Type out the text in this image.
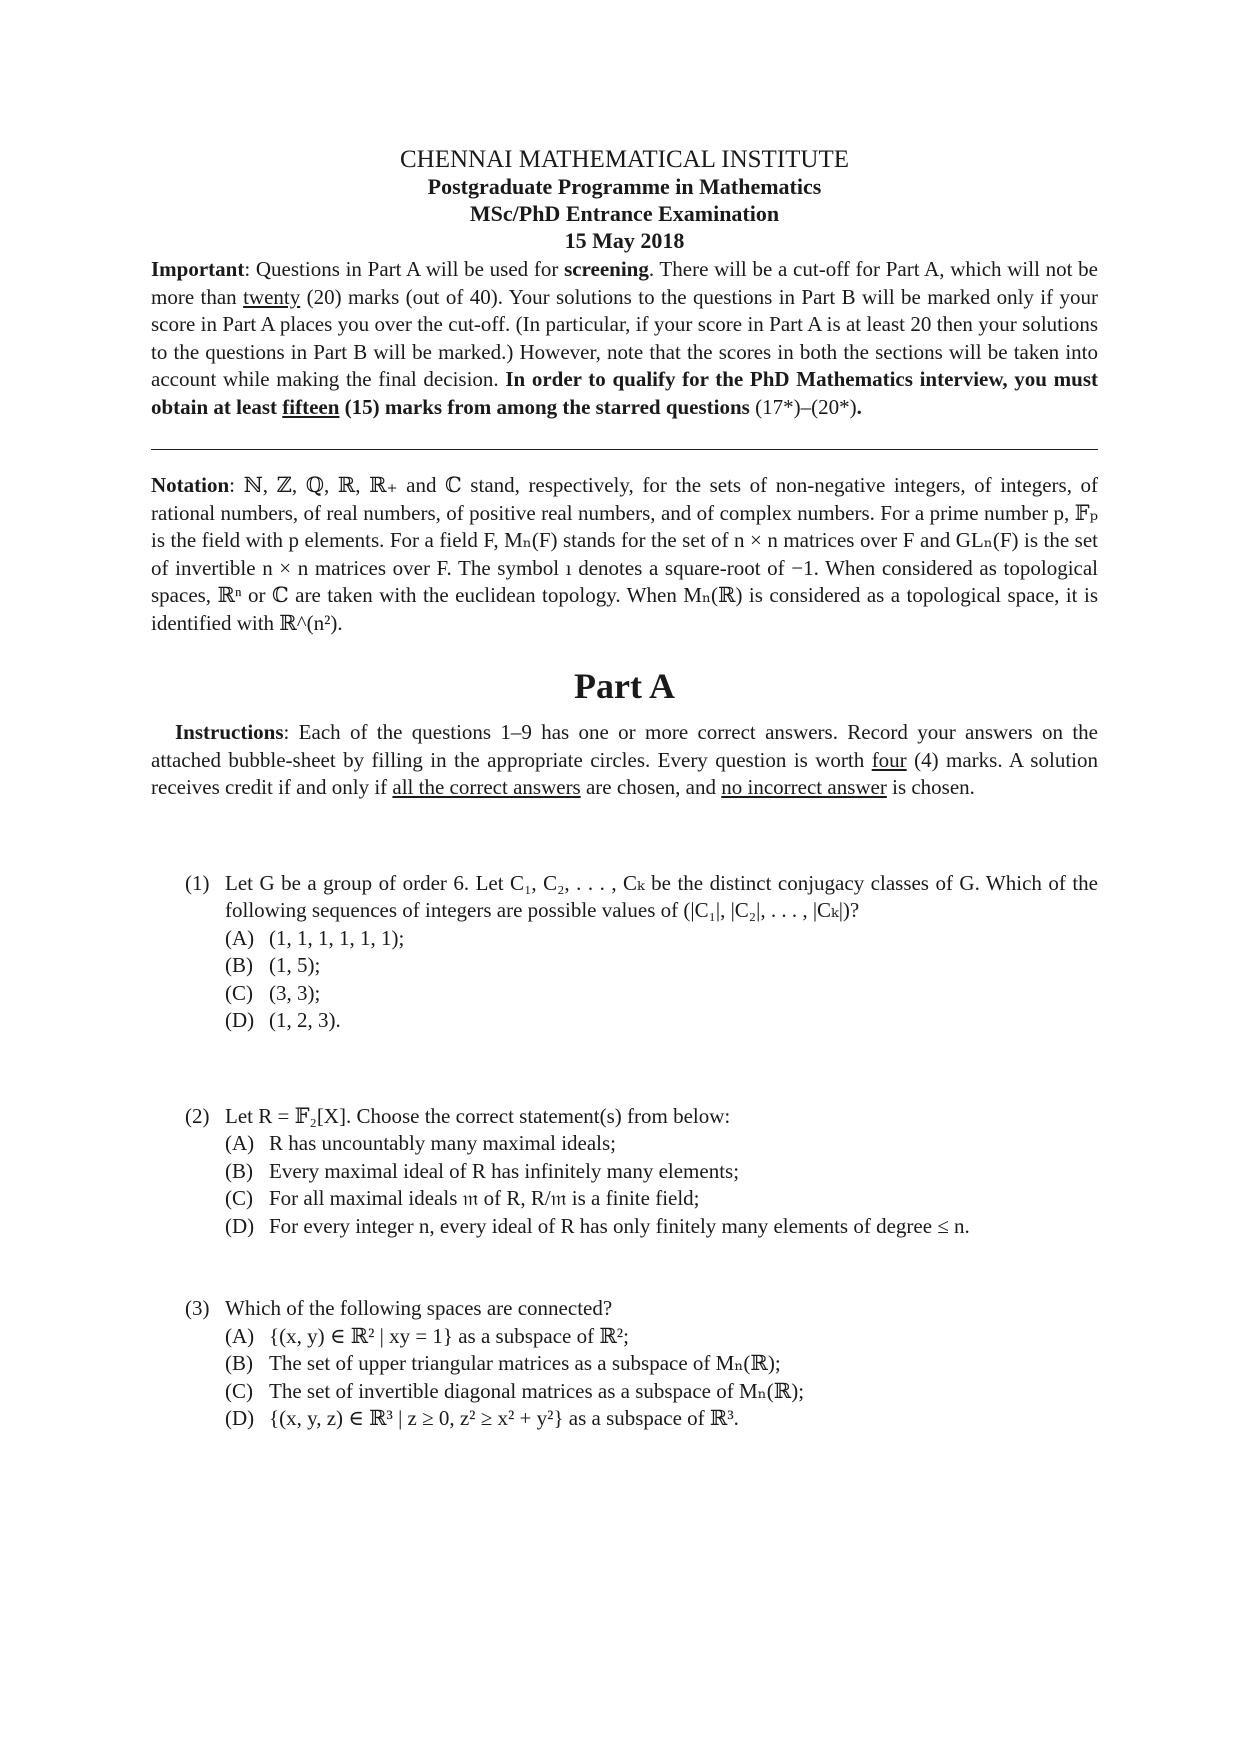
CHENNAI MATHEMATICAL INSTITUTE
Postgraduate Programme in Mathematics
MSc/PhD Entrance Examination
15 May 2018

Important: Questions in Part A will be used for screening. There will be a cut-off for Part A, which will not be more than twenty (20) marks (out of 40). Your solutions to the questions in Part B will be marked only if your score in Part A places you over the cut-off. (In particular, if your score in Part A is at least 20 then your solutions to the questions in Part B will be marked.) However, note that the scores in both the sections will be taken into account while making the final decision. In order to qualify for the PhD Mathematics interview, you must obtain at least fifteen (15) marks from among the starred questions (17*)–(20*).

Notation: ℕ, ℤ, ℚ, ℝ, ℝ₊ and ℂ stand, respectively, for the sets of non-negative integers, of integers, of rational numbers, of real numbers, of positive real numbers, and of complex numbers. For a prime number p, 𝔽ₚ is the field with p elements. For a field F, Mₙ(F) stands for the set of n × n matrices over F and GLₙ(F) is the set of invertible n × n matrices over F. The symbol ı denotes a square-root of −1. When considered as topological spaces, ℝⁿ or ℂ are taken with the euclidean topology. When Mₙ(ℝ) is considered as a topological space, it is identified with ℝ^(n²).

Part A

Instructions: Each of the questions 1–9 has one or more correct answers. Record your answers on the attached bubble-sheet by filling in the appropriate circles. Every question is worth four (4) marks. A solution receives credit if and only if all the correct answers are chosen, and no incorrect answer is chosen.

(1) Let G be a group of order 6. Let C₁, C₂, . . . , Cₖ be the distinct conjugacy classes of G. Which of the following sequences of integers are possible values of (|C₁|, |C₂|, . . . , |Cₖ|)?
(A) (1, 1, 1, 1, 1, 1);
(B) (1, 5);
(C) (3, 3);
(D) (1, 2, 3).
(2) Let R = 𝔽₂[X]. Choose the correct statement(s) from below:
(A) R has uncountably many maximal ideals;
(B) Every maximal ideal of R has infinitely many elements;
(C) For all maximal ideals 𝔪 of R, R/𝔪 is a finite field;
(D) For every integer n, every ideal of R has only finitely many elements of degree ≤ n.
(3) Which of the following spaces are connected?
(A) {(x, y) ∈ ℝ² | xy = 1} as a subspace of ℝ²;
(B) The set of upper triangular matrices as a subspace of Mₙ(ℝ);
(C) The set of invertible diagonal matrices as a subspace of Mₙ(ℝ);
(D) {(x, y, z) ∈ ℝ³ | z ≥ 0, z² ≥ x² + y²} as a subspace of ℝ³.
